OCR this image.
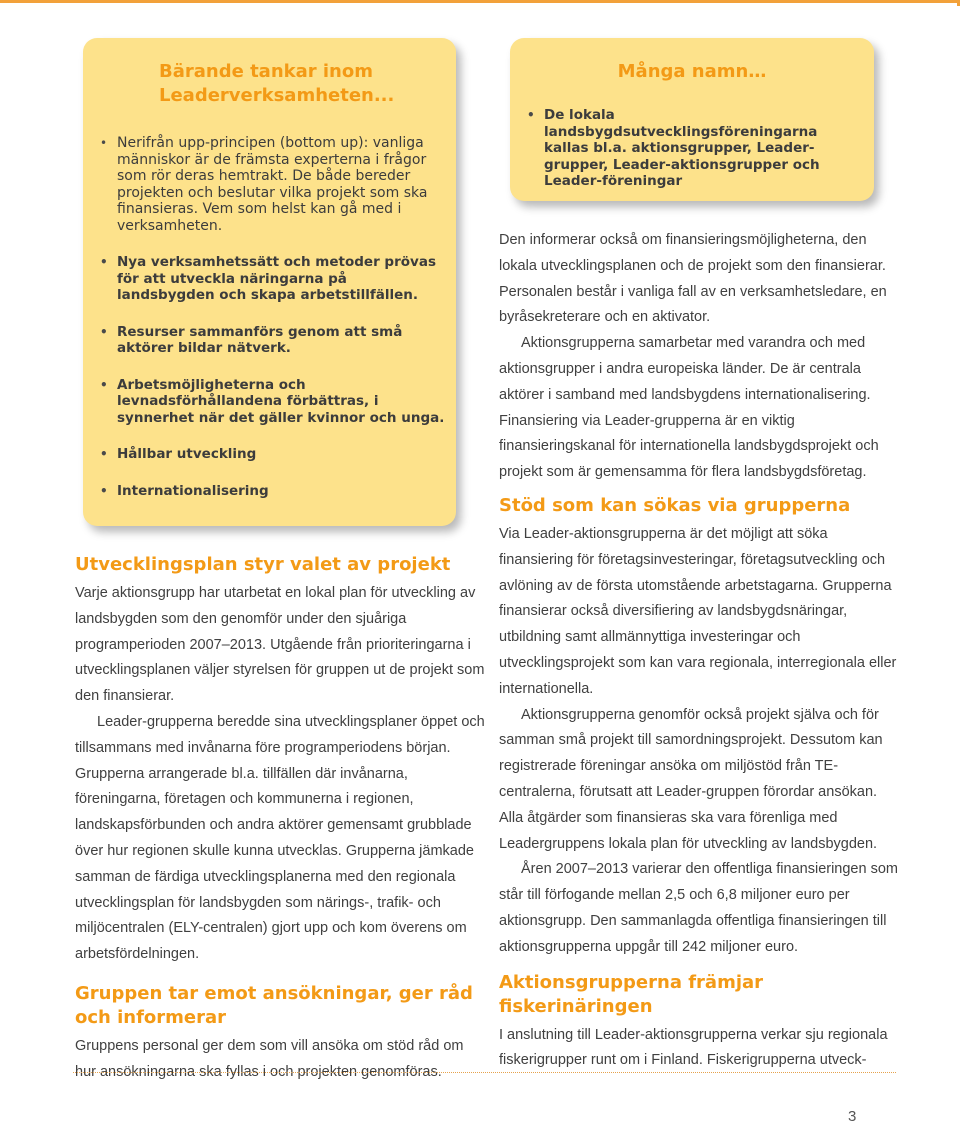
Bärande tankar inom Leaderverksamheten...
• Nerifrån upp-principen (bottom up): vanliga människor är de främsta experterna i frågor som rör deras hemtrakt. De både bereder projekten och beslutar vilka projekt som ska finansieras. Vem som helst kan gå med i verksamheten.
• Nya verksamhetssätt och metoder prövas för att utveckla näringarna på landsbygden och skapa arbetstillfällen.
• Resurser sammanförs genom att små aktörer bildar nätverk.
• Arbetsmöjligheterna och levnadsförhållandena förbättras, i synnerhet när det gäller kvinnor och unga.
• Hållbar utveckling
• Internationalisering
Många namn…
• De lokala landsbygdsutvecklingsföreningarna kallas bl.a. aktionsgrupper, Leader-grupper, Leader-aktionsgrupper och Leader-föreningar
Utvecklingsplan styr valet av projekt

Varje aktionsgrupp har utarbetat en lokal plan för utveckling av landsbygden som den genomför under den sjuåriga programperioden 2007–2013. Utgående från prioriteringarna i utvecklingsplanen väljer styrelsen för gruppen ut de projekt som den finansierar.

Leader-grupperna beredde sina utvecklingsplaner öppet och tillsammans med invånarna före programperiodens början. Grupperna arrangerade bl.a. tillfällen där invånarna, föreningarna, företagen och kommunerna i regionen, landskapsförbunden och andra aktörer gemensamt grubblade över hur regionen skulle kunna utvecklas. Grupperna jämkade samman de färdiga utvecklingsplanerna med den regionala utvecklingsplan för landsbygden som närings-, trafik- och miljöcentralen (ELY-centralen) gjort upp och kom överens om arbetsfördelningen.

Gruppen tar emot ansökningar, ger råd och informerar

Gruppens personal ger dem som vill ansöka om stöd råd om hur ansökningarna ska fyllas i och projekten genomföras.

Den informerar också om finansieringsmöjligheterna, den lokala utvecklingsplanen och de projekt som den finansierar. Personalen består i vanliga fall av en verksamhetsledare, en byråsekreterare och en aktivator.

Aktionsgrupperna samarbetar med varandra och med aktionsgrupper i andra europeiska länder. De är centrala aktörer i samband med landsbygdens internationalisering. Finansiering via Leader-grupperna är en viktig finansieringskanal för internationella landsbygdsprojekt och projekt som är gemensamma för flera landsbygdsföretag.

Stöd som kan sökas via grupperna

Via Leader-aktionsgrupperna är det möjligt att söka finansiering för företagsinvesteringar, företagsutveckling och avlöning av de första utomstående arbetstagarna. Grupperna finansierar också diversifiering av landsbygdsnäringar, utbildning samt allmännyttiga investeringar och utvecklingsprojekt som kan vara regionala, interregionala eller internationella.

Aktionsgrupperna genomför också projekt själva och för samman små projekt till samordningsprojekt. Dessutom kan registrerade föreningar ansöka om miljöstöd från TE-centralerna, förutsatt att Leader-gruppen förordar ansökan. Alla åtgärder som finansieras ska vara förenliga med Leadergruppens lokala plan för utveckling av landsbygden.

Åren 2007–2013 varierar den offentliga finansieringen som står till förfogande mellan 2,5 och 6,8 miljoner euro per aktionsgrupp. Den sammanlagda offentliga finansieringen till aktionsgrupperna uppgår till 242 miljoner euro.

Aktionsgrupperna främjar fiskerinäringen

I anslutning till Leader-aktionsgrupperna verkar sju regionala fiskerigrupper runt om i Finland. Fiskerigrupperna utveck-

3
